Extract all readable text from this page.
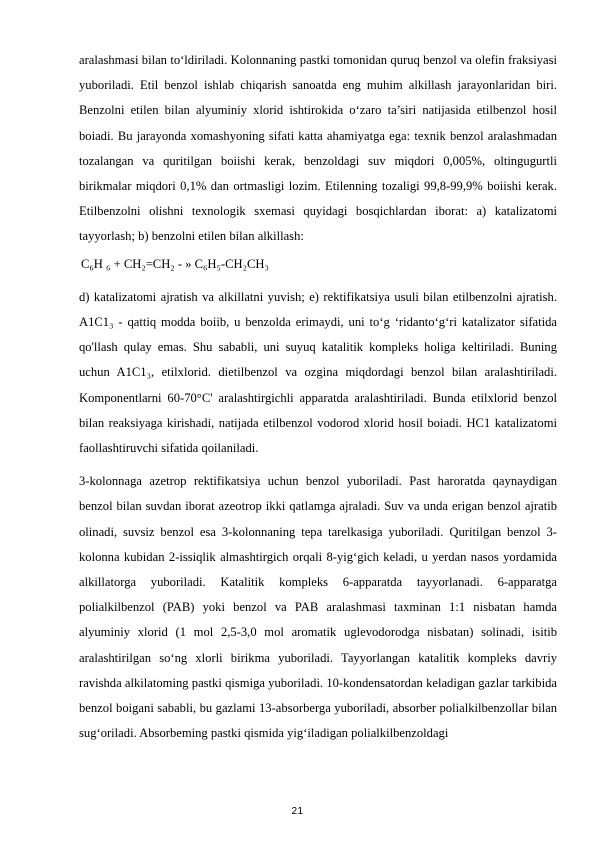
aralashmasi bilan to‘ldiriladi. Kolonnaning pastki tomonidan quruq benzol va olefin fraksiyasi yuboriladi. Etil benzol ishlab chiqarish sanoatda eng muhim alkillash jarayonlaridan biri. Benzolni etilen bilan alyuminiy xlorid ishtirokida o‘zaro ta’siri natijasida etilbenzol hosil boiadi. Bu jarayonda xomashyoning sifati katta ahamiyatga ega: texnik benzol aralashmadan tozalangan va quritilgan boiishi kerak, benzoldagi suv miqdori 0,005%, oltingugurtli birikmalar miqdori 0,1% dan ortmasligi lozim. Etilenning tozaligi 99,8-99,9% boiishi kerak. Etilbenzolni olishni texnologik sxemasi quyidagi bosqichlardan iborat: a) katalizatomi tayyorlash; b) benzolni etilen bilan alkillash:

C₆H ₆ + CH₂=CH₂ - » C₆H₅-CH₂CH₃

d) katalizatomi ajratish va alkillatni yuvish; e) rektifikatsiya usuli bilan etilbenzolni ajratish. A1C1₃ - qattiq modda boiib, u benzolda erimaydi, uni to‘g ‘ridanto‘g‘ri katalizator sifatida qo'llash qulay emas. Shu sababli, uni suyuq katalitik kompleks holiga keltiriladi. Buning uchun A1C1₃, etilxlorid. dietilbenzol va ozgina miqdordagi benzol bilan aralashtiriladi. Komponentlarni 60-70°C' aralashtirgichli apparatda aralashtiriladi. Bunda etilxlorid benzol bilan reaksiyaga kirishadi, natijada etilbenzol vodorod xlorid hosil boiadi. HC1 katalizatomi faollashtiruvchi sifatida qoilaniladi.

3-kolonnaga azetrop rektifikatsiya uchun benzol yuboriladi. Past haroratda qaynaydigan benzol bilan suvdan iborat azeotrop ikki qatlamga ajraladi. Suv va unda erigan benzol ajratib olinadi, suvsiz benzol esa 3-kolonnaning tepa tarelkasiga yuboriladi. Quritilgan benzol 3-kolonna kubidan 2-issiqlik almashtirgich orqali 8-yig‘gich keladi, u yerdan nasos yordamida alkillatorga yuboriladi. Katalitik kompleks 6-apparatda tayyorlanadi. 6-apparatga polialkilbenzol (PAB) yoki benzol va PAB aralashmasi taxminan 1:1 nisbatan hamda alyuminiy xlorid (1 mol 2,5-3,0 mol aromatik uglevodorodga nisbatan) solinadi, isitib aralashtirilgan so‘ng xlorli birikma yuboriladi. Tayyorlangan katalitik kompleks davriy ravishda alkilatoming pastki qismiga yuboriladi. 10-kondensatordan keladigan gazlar tarkibida benzol boigani sababli, bu gazlami 13-absorberga yuboriladi, absorber polialkilbenzollar bilan sug‘oriladi. Absorbeming pastki qismida yig‘iladigan polialkilbenzoldagi

21
